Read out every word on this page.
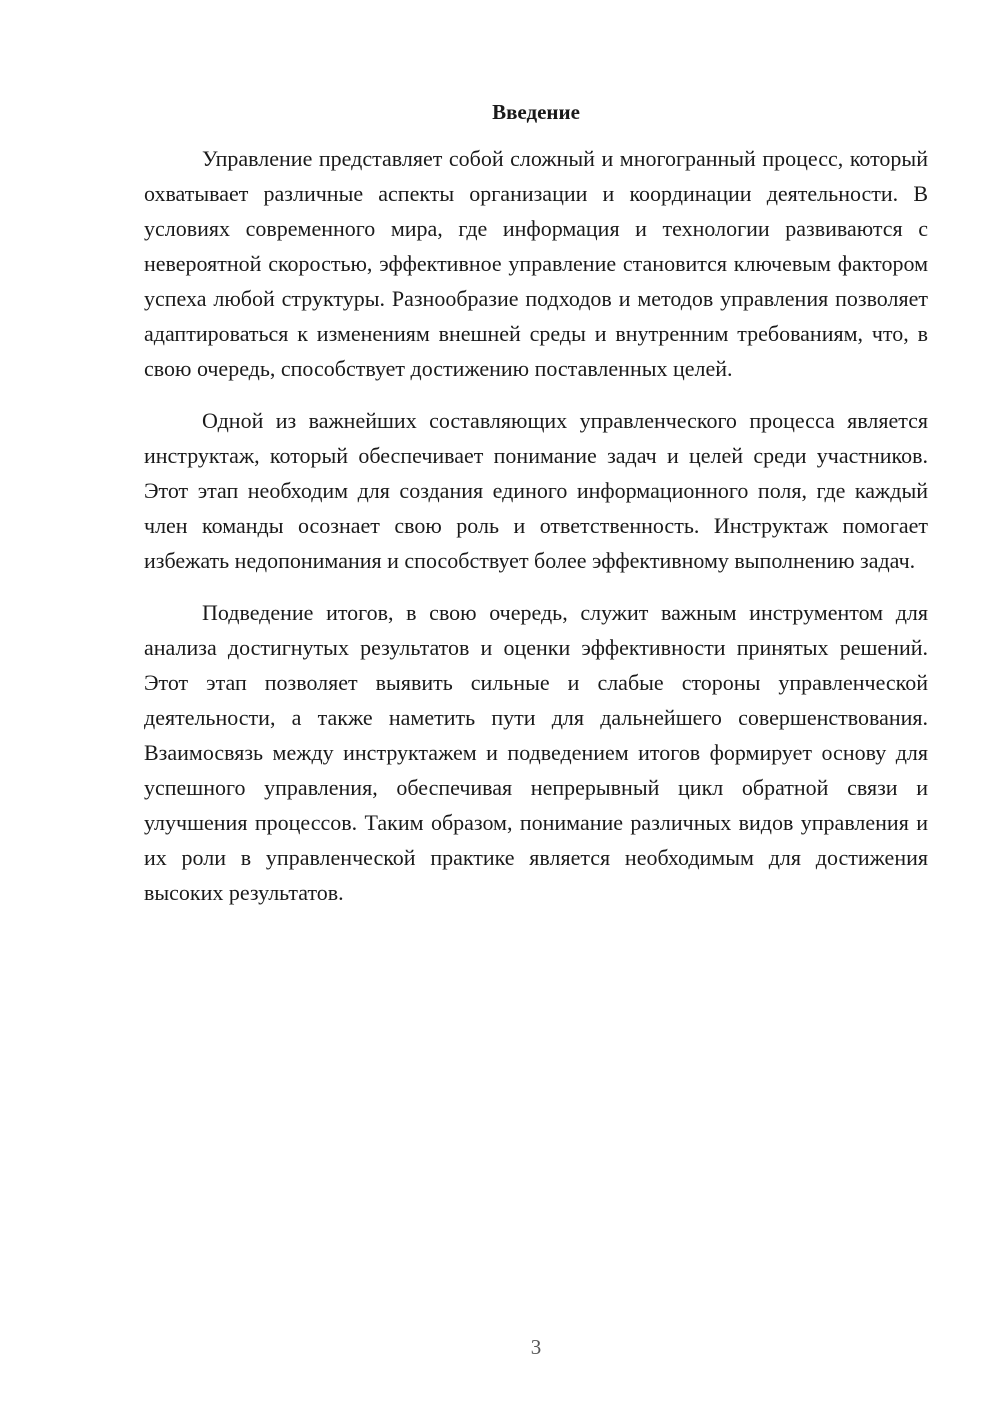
Введение

Управление представляет собой сложный и многогранный процесс, который охватывает различные аспекты организации и координации деятельности. В условиях современного мира, где информация и технологии развиваются с невероятной скоростью, эффективное управление становится ключевым фактором успеха любой структуры. Разнообразие подходов и методов управления позволяет адаптироваться к изменениям внешней среды и внутренним требованиям, что, в свою очередь, способствует достижению поставленных целей.

Одной из важнейших составляющих управленческого процесса является инструктаж, который обеспечивает понимание задач и целей среди участников. Этот этап необходим для создания единого информационного поля, где каждый член команды осознает свою роль и ответственность. Инструктаж помогает избежать недопонимания и способствует более эффективному выполнению задач.

Подведение итогов, в свою очередь, служит важным инструментом для анализа достигнутых результатов и оценки эффективности принятых решений. Этот этап позволяет выявить сильные и слабые стороны управленческой деятельности, а также наметить пути для дальнейшего совершенствования. Взаимосвязь между инструктажем и подведением итогов формирует основу для успешного управления, обеспечивая непрерывный цикл обратной связи и улучшения процессов. Таким образом, понимание различных видов управления и их роли в управленческой практике является необходимым для достижения высоких результатов.

3
